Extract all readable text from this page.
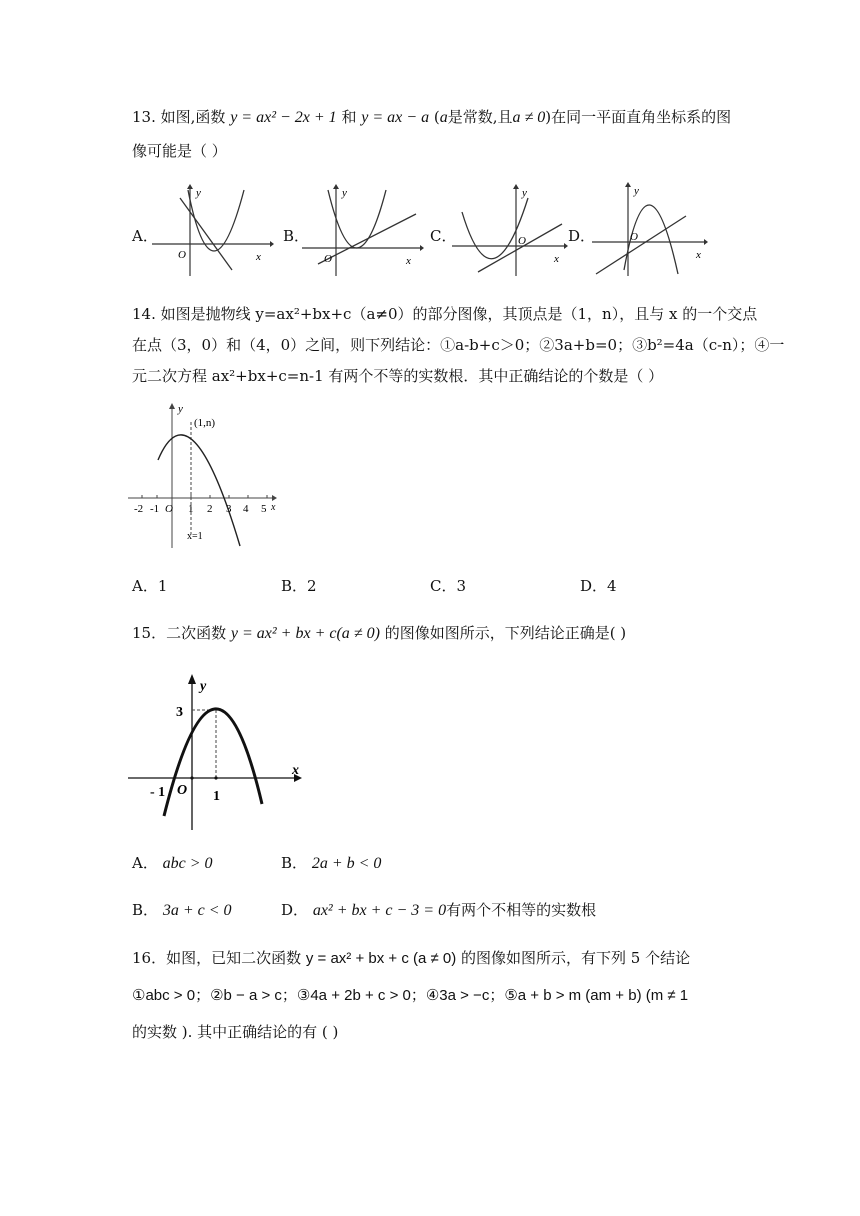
13. 如图,函数 y = ax² − 2x + 1 和 y = ax − a (a是常数,且a ≠ 0)在同一平面直角坐标系的图
像可能是（ ）
A．	B．	C．	D．
y
x
O
y
x
O
y
x
O
y
x
O
14. 如图是抛物线 y=ax²+bx+c（a≠0）的部分图像，其顶点是（1，n），且与 x 的一个交点
在点（3，0）和（4，0）之间，则下列结论：①a-b+c＞0；②3a+b=0；③b²=4a（c-n）；④一
元二次方程 ax²+bx+c=n-1 有两个不等的实数根．其中正确结论的个数是（ ）
y
x
(1,n)
x=1
-2 -1 O 1 2 3 4 5
A．1	B．2	C．3	D．4
15．二次函数 y = ax² + bx + c(a ≠ 0) 的图像如图所示，下列结论正确是( )
y
x
3
- 1 O 1
A． abc > 0	B． 2a + b < 0
B． 3a + c < 0	D． ax² + bx + c − 3 = 0有两个不相等的实数根
16．如图，已知二次函数 y = ax² + bx + c (a ≠ 0) 的图像如图所示，有下列 5 个结论
①abc > 0；②b − a > c；③4a + 2b + c > 0；④3a > −c；⑤a + b > m (am + b) (m ≠ 1
的实数 ). 其中正确结论的有 ( )
